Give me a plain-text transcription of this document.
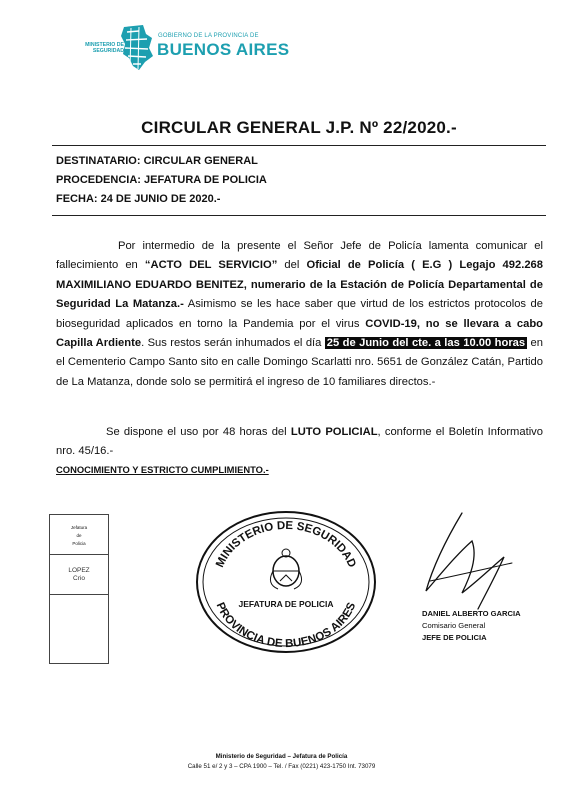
MINISTERIO DE
SEGURIDAD
GOBIERNO DE LA PROVINCIA DE
BUENOS AIRES
CIRCULAR GENERAL J.P. Nº 22/2020.-
DESTINATARIO: CIRCULAR GENERAL
PROCEDENCIA: JEFATURA DE POLICIA
FECHA: 24 DE JUNIO DE 2020.-
Por intermedio de la presente el Señor Jefe de Policía lamenta comunicar el fallecimiento en “ACTO DEL SERVICIO” del Oficial de Policía ( E.G ) Legajo 492.268 MAXIMILIANO EDUARDO BENITEZ, numerario de la Estación de Policía Departamental de Seguridad La Matanza.- Asimismo se les hace saber que virtud de los estrictos protocolos de bioseguridad aplicados en torno la Pandemia por el virus COVID-19, no se llevara a cabo Capilla Ardiente. Sus restos serán inhumados el día 25 de Junio del cte. a las 10.00 horas en el Cementerio Campo Santo sito en calle Domingo Scarlatti nro. 5651 de González Catán, Partido de La Matanza, donde solo se permitirá el ingreso de 10 familiares directos.-
Se dispone el uso por 48 horas del LUTO POLICIAL, conforme el Boletín Informativo nro. 45/16.-
CONOCIMIENTO Y ESTRICTO CUMPLIMIENTO.-
Jefatura
de
Policia
LOPEZ
Crio
MINISTERIO DE SEGURIDAD
PROVINCIA DE BUENOS AIRES
JEFATURA DE POLICIA
DANIEL ALBERTO GARCIA
Comisario General
JEFE DE POLICIA
Ministerio de Seguridad – Jefatura de Policía
Calle 51 e/ 2 y 3 – CPA 1900 – Tel. / Fax (0221) 423-1750 Int. 73079
